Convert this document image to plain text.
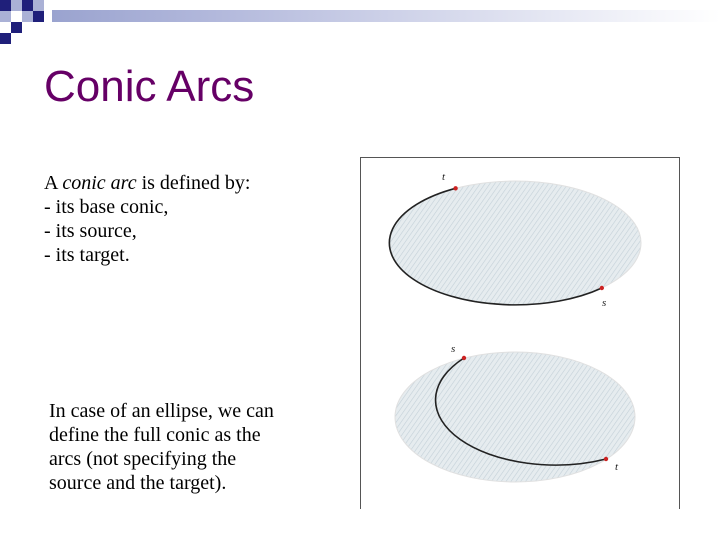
Conic Arcs
A conic arc is defined by:
- its base conic,
- its source,
- its target.
In case of an ellipse, we can
define the full conic as the
arcs (not specifying the
source and the target).
t
s
s
t
